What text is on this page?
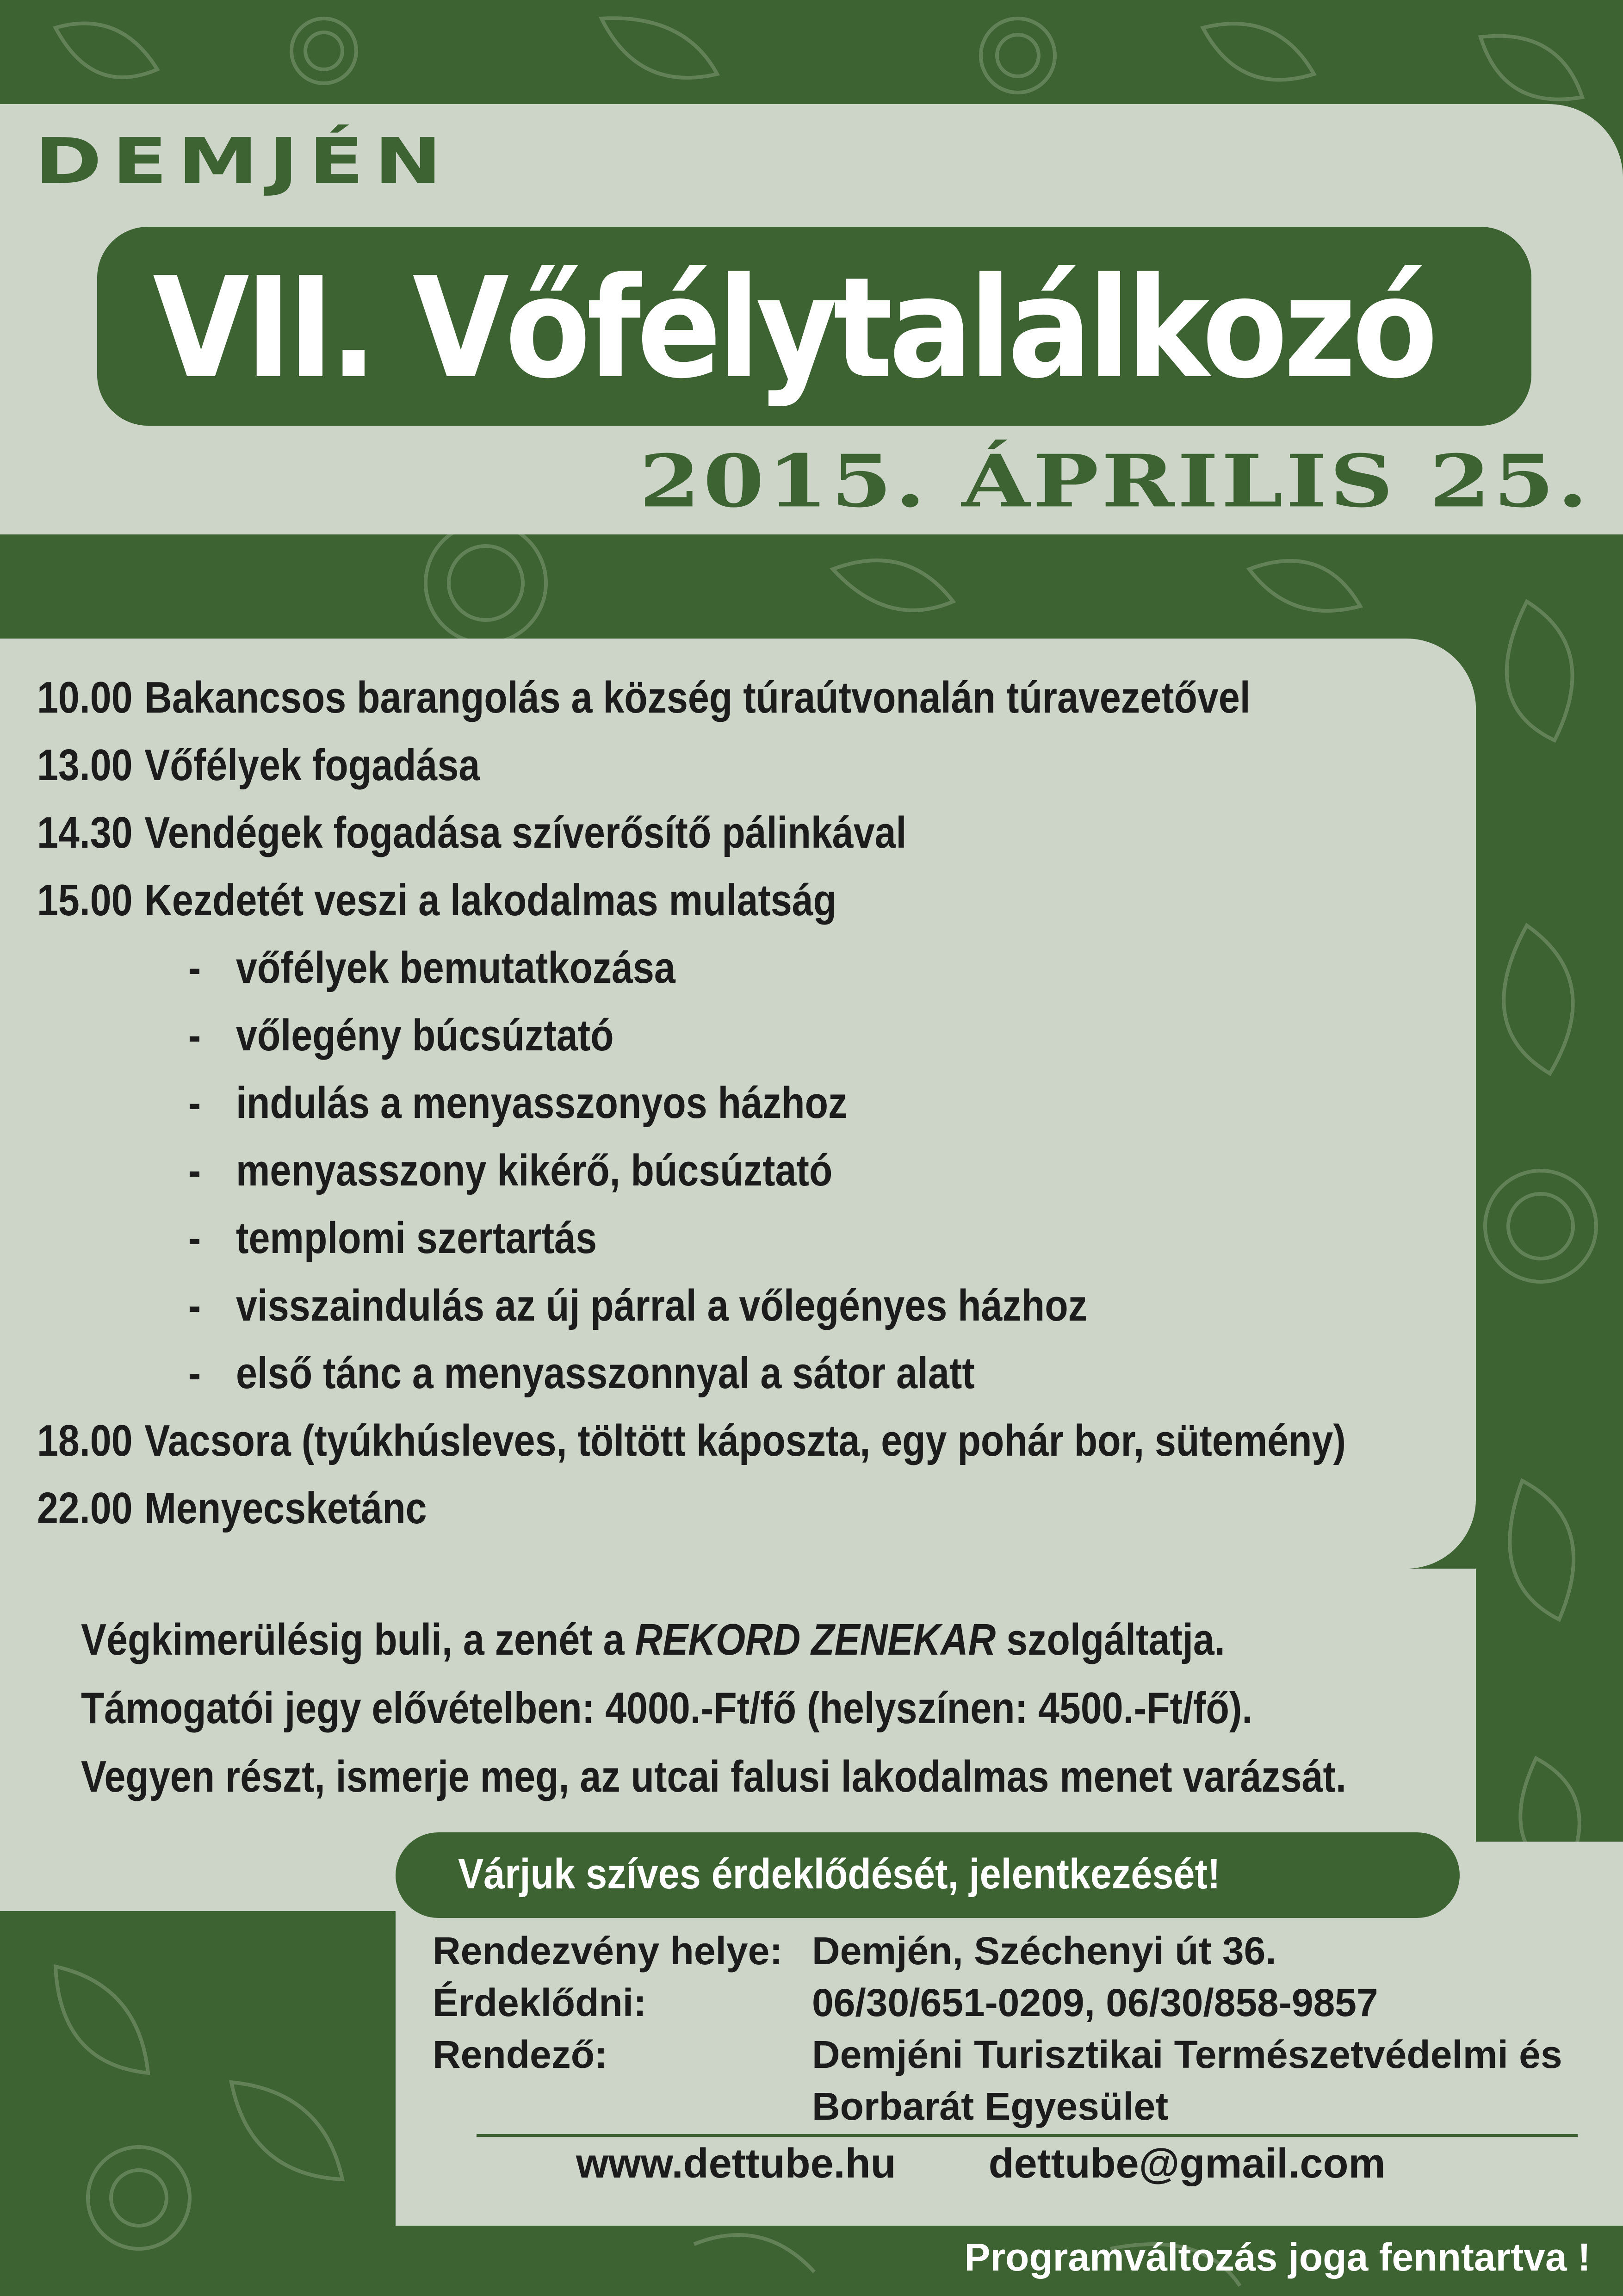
DEMJÉN
VII. Vőfélytalálkozó
2015. ÁPRILIS 25.
10.00 Bakancsos barangolás a község túraútvonalán túravezetővel
13.00 Vőfélyek fogadása
14.30 Vendégek fogadása szíverősítő pálinkával
15.00 Kezdetét veszi a lakodalmas mulatság
- vőfélyek bemutatkozása
- vőlegény búcsúztató
- indulás a menyasszonyos házhoz
- menyasszony kikérő, búcsúztató
- templomi szertartás
- visszaindulás az új párral a vőlegényes házhoz
- első tánc a menyasszonnyal a sátor alatt
18.00 Vacsora (tyúkhúsleves, töltött káposzta, egy pohár bor, sütemény)
22.00 Menyecsketánc
Végkimerülésig buli, a zenét a REKORD ZENEKAR szolgáltatja.
Támogatói jegy elővételben: 4000.-Ft/fő (helyszínen: 4500.-Ft/fő).
Vegyen részt, ismerje meg, az utcai falusi lakodalmas menet varázsát.
Várjuk szíves érdeklődését, jelentkezését!
Rendezvény helye: Demjén, Széchenyi út 36.
Érdeklődni:	06/30/651-0209, 06/30/858-9857
Rendező:	Demjéni Turisztikai Természetvédelmi és
Borbarát Egyesület
www.dettube.hu dettube@gmail.com
Programváltozás joga fenntartva !
